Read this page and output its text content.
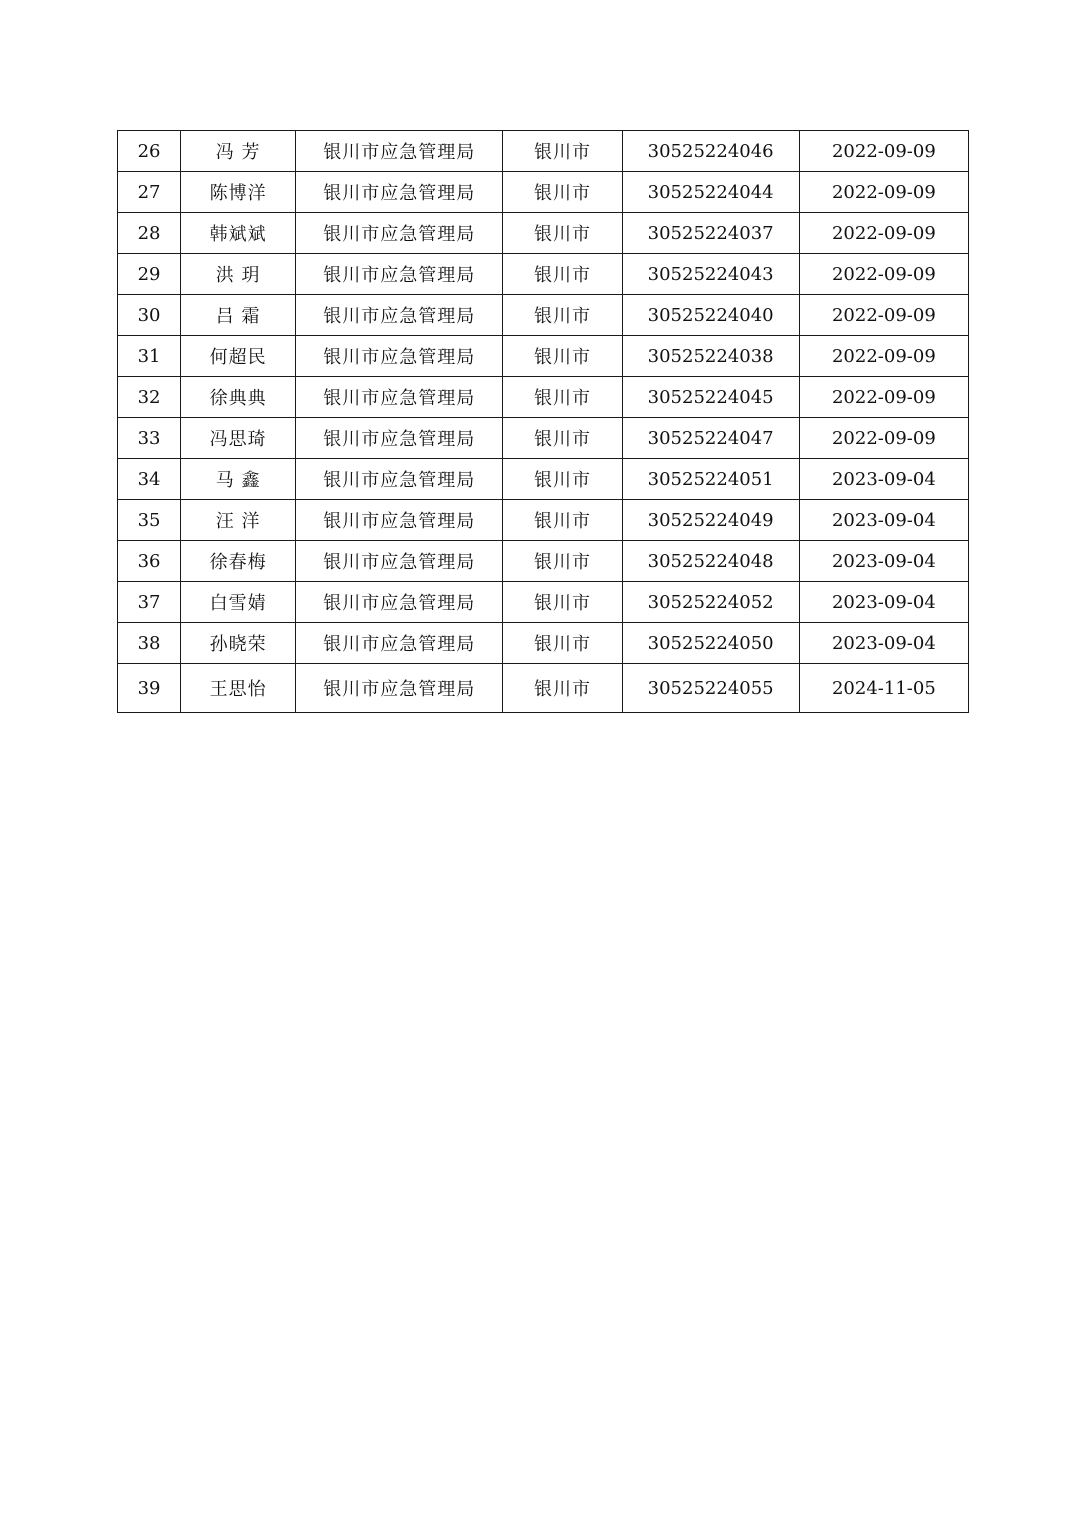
26	冯 芳	银川市应急管理局	银川市	30525224046	2022-09-09
27	陈博洋	银川市应急管理局	银川市	30525224044	2022-09-09
28	韩斌斌	银川市应急管理局	银川市	30525224037	2022-09-09
29	洪 玥	银川市应急管理局	银川市	30525224043	2022-09-09
30	吕 霜	银川市应急管理局	银川市	30525224040	2022-09-09
31	何超民	银川市应急管理局	银川市	30525224038	2022-09-09
32	徐典典	银川市应急管理局	银川市	30525224045	2022-09-09
33	冯思琦	银川市应急管理局	银川市	30525224047	2022-09-09
34	马 鑫	银川市应急管理局	银川市	30525224051	2023-09-04
35	汪 洋	银川市应急管理局	银川市	30525224049	2023-09-04
36	徐春梅	银川市应急管理局	银川市	30525224048	2023-09-04
37	白雪婧	银川市应急管理局	银川市	30525224052	2023-09-04
38	孙晓荣	银川市应急管理局	银川市	30525224050	2023-09-04
39	王思怡	银川市应急管理局	银川市	30525224055	2024-11-05
